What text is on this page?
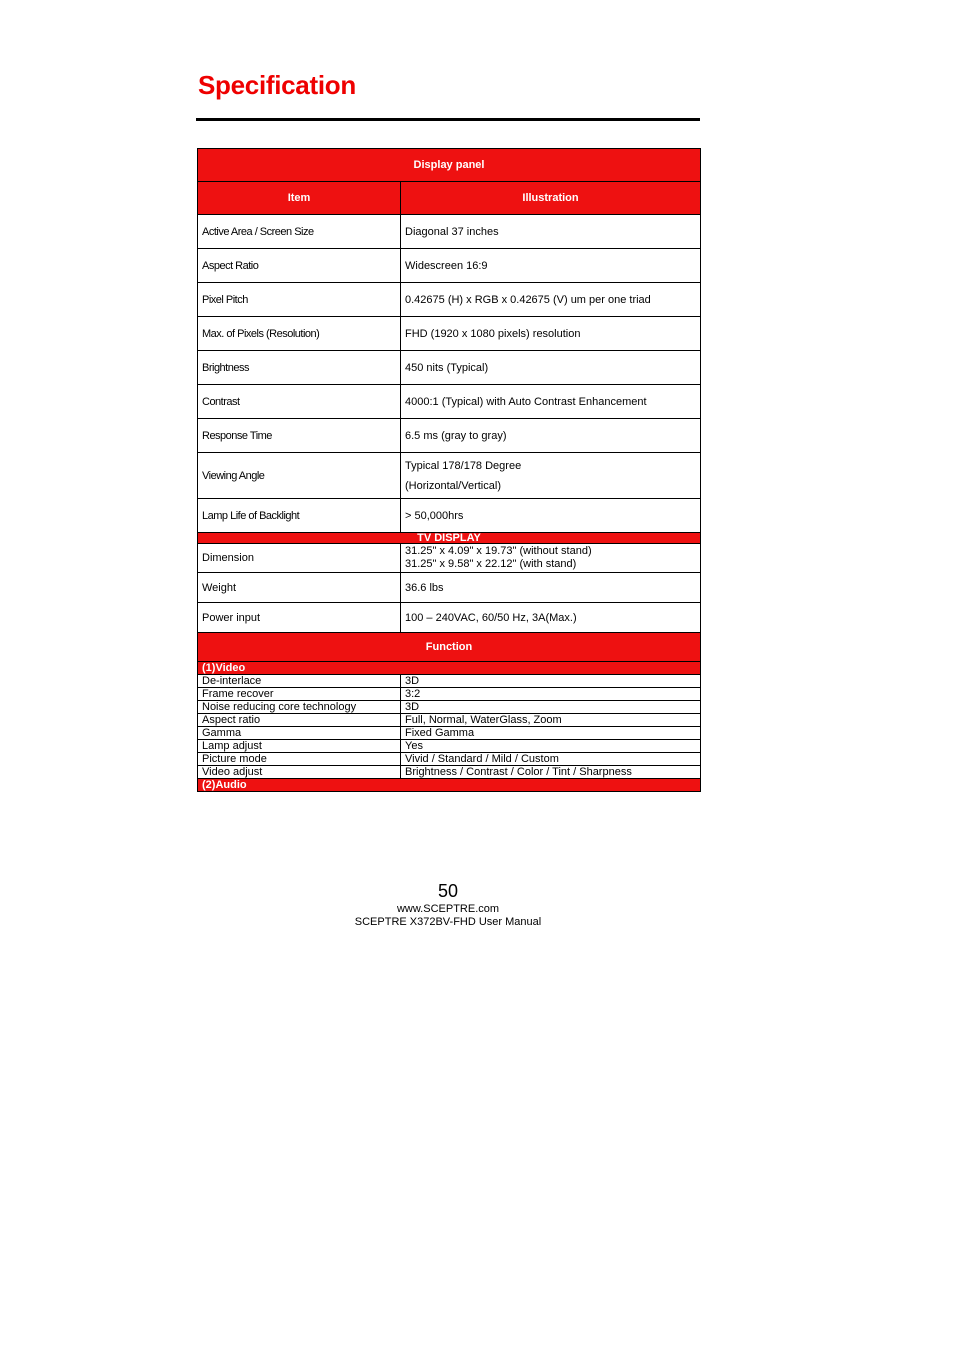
Specification
Display panel	
Item	Illustration
Active Area / Screen Size	Diagonal 37 inches
Aspect Ratio	Widescreen 16:9
Pixel Pitch	0.42675 (H) x RGB x 0.42675 (V) um per one triad
Max. of Pixels (Resolution)	FHD (1920 x 1080 pixels) resolution
Brightness	450 nits (Typical)
Contrast	4000:1 (Typical) with Auto Contrast Enhancement
Response Time	6.5 ms (gray to gray)
Viewing Angle	Typical 178/178 Degree
(Horizontal/Vertical)

Lamp Life of Backlight	> 50,000hrs
TV DISPLAY	
Dimension	31.25" x 4.09" x 19.73" (without stand)
31.25" x 9.58" x 22.12" (with stand)

Weight	36.6 lbs
Power input	100 – 240VAC, 60/50 Hz, 3A(Max.)
Function	
(1)Video	
De-interlace	3D
Frame recover	3:2
Noise reducing core technology	3D
Aspect ratio	Full, Normal, WaterGlass, Zoom
Gamma	Fixed Gamma
Lamp adjust	Yes
Picture mode	Vivid / Standard / Mild / Custom
Video adjust	Brightness / Contrast / Color / Tint / Sharpness
(2)Audio	
50
www.SCEPTRE.com
SCEPTRE X372BV-FHD User Manual
